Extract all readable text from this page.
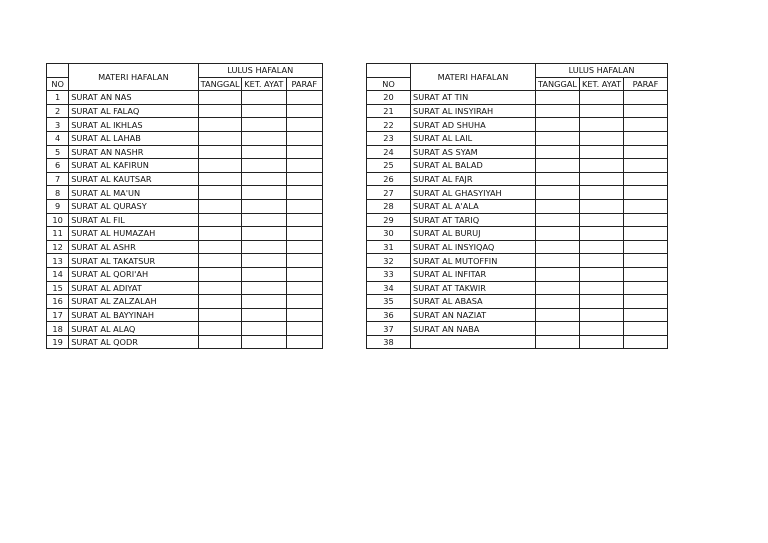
	MATERI HAFALAN	LULUS HAFALAN		
NO		TANGGAL	KET. AYAT	PARAF
1	SURAT AN NAS			
2	SURAT AL FALAQ			
3	SURAT AL IKHLAS			
4	SURAT AL LAHAB			
5	SURAT AN NASHR			
6	SURAT AL KAFIRUN			
7	SURAT AL KAUTSAR			
8	SURAT AL MA'UN			
9	SURAT AL QURASY			
10	SURAT AL FIL			
11	SURAT AL HUMAZAH			
12	SURAT AL ASHR			
13	SURAT AL TAKATSUR			
14	SURAT AL QORI'AH			
15	SURAT AL ADIYAT			
16	SURAT AL ZALZALAH			
17	SURAT AL BAYYINAH			
18	SURAT AL ALAQ			
19	SURAT AL QODR			
	MATERI HAFALAN	LULUS HAFALAN		
NO		TANGGAL	KET. AYAT	PARAF
20	SURAT AT TIN			
21	SURAT AL INSYIRAH			
22	SURAT AD SHUHA			
23	SURAT AL LAIL			
24	SURAT AS SYAM			
25	SURAT AL BALAD			
26	SURAT AL FAJR			
27	SURAT AL GHASYIYAH			
28	SURAT AL A'ALA			
29	SURAT AT TARIQ			
30	SURAT AL BURUJ			
31	SURAT AL INSYIQAQ			
32	SURAT AL MUTOFFIN			
33	SURAT AL INFITAR			
34	SURAT AT TAKWIR			
35	SURAT AL ABASA			
36	SURAT AN NAZIAT			
37	SURAT AN NABA			
38				
